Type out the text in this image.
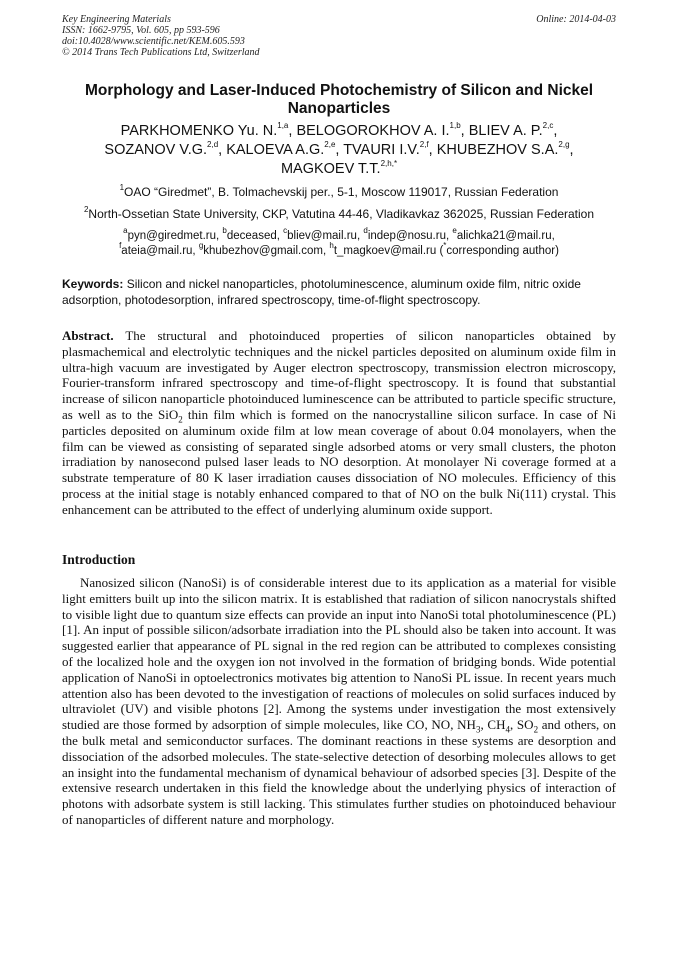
Key Engineering Materials
ISSN: 1662-9795, Vol. 605, pp 593-596
doi:10.4028/www.scientific.net/KEM.605.593
© 2014 Trans Tech Publications Ltd, Switzerland
Online: 2014-04-03
Morphology and Laser-Induced Photochemistry of Silicon and Nickel Nanoparticles
PARKHOMENKO Yu. N.$^{1,a}$, BELOGOROKHOV A. I.$^{1,b}$, BLIEV A. P.$^{2,c}$,
SOZANOV V.G.$^{2,d}$, KALOEVA A.G.$^{2,e}$, TVAURI I.V.$^{2,f}$, KHUBEZHOV S.A.$^{2,g}$,
MAGKOEV T.T.$^{2,h,*}$
$^1$OAO “Giredmet”, B. Tolmachevskij per., 5-1, Moscow 119017, Russian Federation
$^2$North-Ossetian State University, CKP, Vatutina 44-46, Vladikavkaz 362025, Russian Federation
$^a$pyn@giredmet.ru, $^b$deceased, $^c$bliev@mail.ru, $^d$indep@nosu.ru, $^e$alichka21@mail.ru,
$^f$ateia@mail.ru, $^g$khubezhov@gmail.com, $^h$t_magkoev@mail.ru (*corresponding author)
Keywords: Silicon and nickel nanoparticles, photoluminescence, aluminum oxide film, nitric oxide adsorption, photodesorption, infrared spectroscopy, time-of-flight spectroscopy.
Abstract. The structural and photoinduced properties of silicon nanoparticles obtained by plasmachemical and electrolytic techniques and the nickel particles deposited on aluminum oxide film in ultra-high vacuum are investigated by Auger electron spectroscopy, transmission electron microscopy, Fourier-transform infrared spectroscopy and time-of-flight spectroscopy. It is found that substantial increase of silicon nanoparticle photoinduced luminescence can be attributed to particle specific structure, as well as to the SiO$_2$ thin film which is formed on the nanocrystalline silicon surface. In case of Ni particles deposited on aluminum oxide film at low mean coverage of about 0.04 monolayers, when the film can be viewed as consisting of separated single adsorbed atoms or very small clusters, the photon irradiation by nanosecond pulsed laser leads to NO desorption. At monolayer Ni coverage formed at a substrate temperature of 80 K laser irradiation causes dissociation of NO molecules. Efficiency of this process at the initial stage is notably enhanced compared to that of NO on the bulk Ni(111) crystal. This enhancement can be attributed to the effect of underlying aluminum oxide support.
Introduction
Nanosized silicon (NanoSi) is of considerable interest due to its application as a material for visible light emitters built up into the silicon matrix. It is established that radiation of silicon nanocrystals shifted to visible light due to quantum size effects can provide an input into NanoSi total photoluminescence (PL) [1]. An input of possible silicon/adsorbate irradiation into the PL should also be taken into account. It was suggested earlier that appearance of PL signal in the red region can be attributed to complexes consisting of the localized hole and the oxygen ion not involved in the formation of bridging bonds. Wide potential application of NanoSi in optoelectronics motivates big attention to NanoSi PL issue. In recent years much attention also has been devoted to the investigation of reactions of molecules on solid surfaces induced by ultraviolet (UV) and visible photons [2]. Among the systems under investigation the most extensively studied are those formed by adsorption of simple molecules, like CO, NO, $NH_3$, $CH_4$, $SO_2$ and others, on the bulk metal and semiconductor surfaces. The dominant reactions in these systems are desorption and dissociation of the adsorbed molecules. The state-selective detection of desorbing molecules allows to get an insight into the fundamental mechanism of dynamical behaviour of adsorbed species [3]. Despite of the extensive research undertaken in this field the knowledge about the underlying physics of interaction of photons with adsorbate system is still lacking. This stimulates further studies on photoinduced behaviour of nanoparticles of different nature and morphology.
